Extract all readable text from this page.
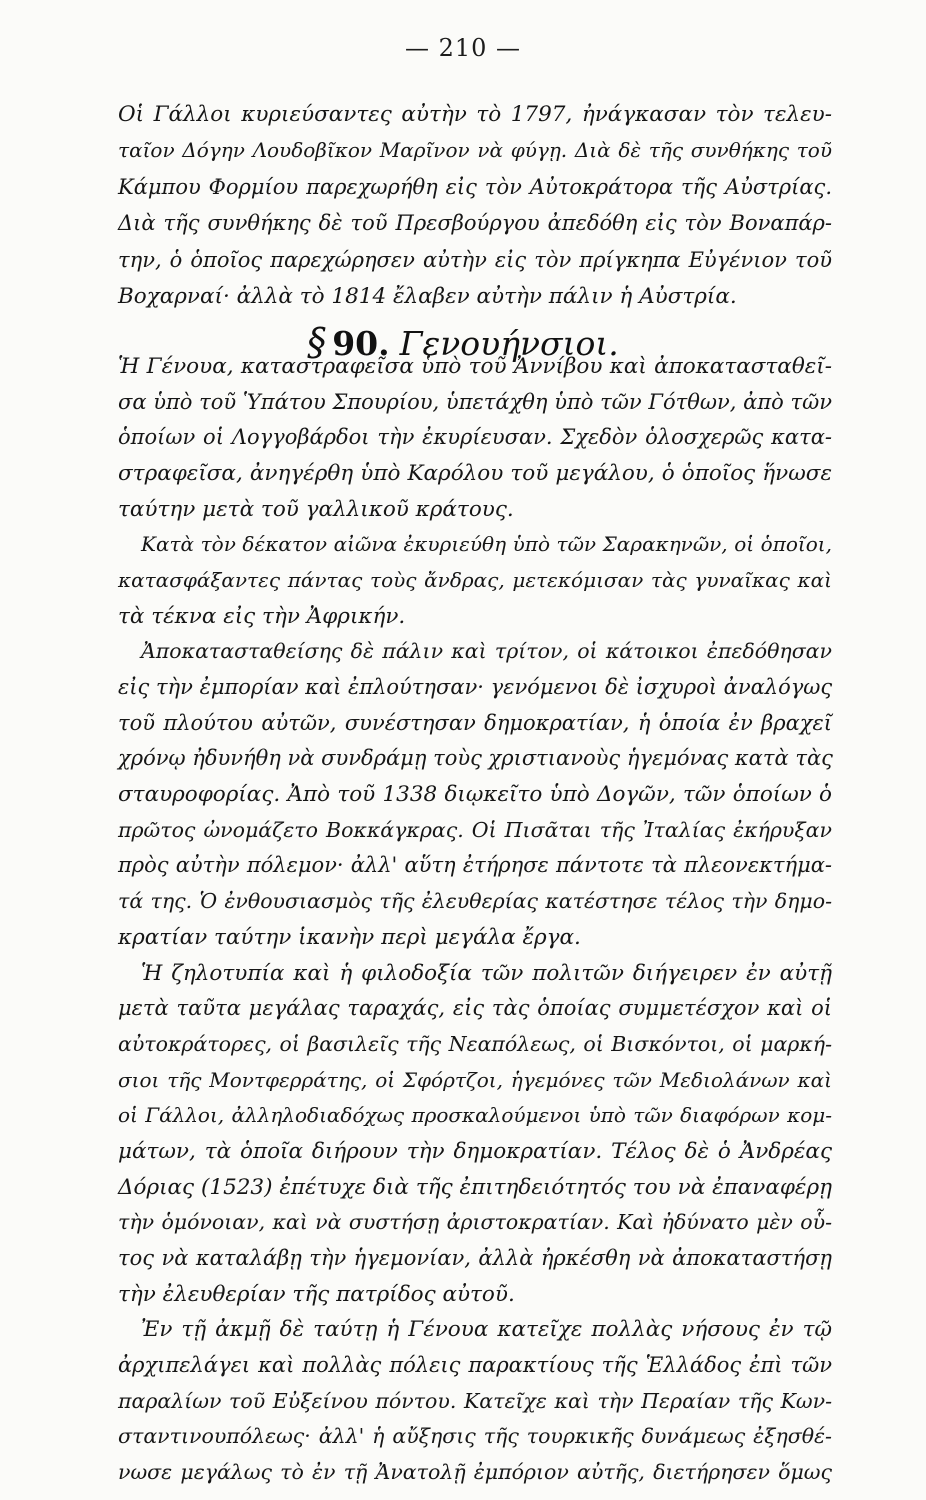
— 210 —
Οἱ Γάλλοι κυριεύσαντες αὐτὴν τὸ 1797, ἠνάγκασαν τὸν τελευ-
ταῖον Δόγην Λουδοβῖκον Μαρῖνον νὰ φύγῃ. Διὰ δὲ τῆς συνθήκης τοῦ
Κάμπου Φορμίου παρεχωρήθη εἰς τὸν Αὐτοκράτορα τῆς Αὐστρίας.
Διὰ τῆς συνθήκης δὲ τοῦ Πρεσβούργου ἀπεδόθη εἰς τὸν Βοναπάρ-
την, ὁ ὁποῖος παρεχώρησεν αὐτὴν εἰς τὸν πρίγκηπα Εὐγένιον τοῦ
Βοχαρναί· ἀλλὰ τὸ 1814 ἔλαβεν αὐτὴν πάλιν ἡ Αὐστρία.
§ 90. Γενουήνσιοι.
Ἡ Γένουα, καταστραφεῖσα ὑπὸ τοῦ Ἀννίβου καὶ ἀποκατασταθεῖ-
σα ὑπὸ τοῦ Ὑπάτου Σπουρίου, ὑπετάχθη ὑπὸ τῶν Γότθων, ἀπὸ τῶν
ὁποίων οἱ Λογγοβάρδοι τὴν ἐκυρίευσαν. Σχεδὸν ὁλοσχερῶς κατα-
στραφεῖσα, ἀνηγέρθη ὑπὸ Καρόλου τοῦ μεγάλου, ὁ ὁποῖος ἥνωσε
ταύτην μετὰ τοῦ γαλλικοῦ κράτους.
Κατὰ τὸν δέκατον αἰῶνα ἐκυριεύθη ὑπὸ τῶν Σαρακηνῶν, οἱ ὁποῖοι,
κατασφάξαντες πάντας τοὺς ἄνδρας, μετεκόμισαν τὰς γυναῖκας καὶ
τὰ τέκνα εἰς τὴν Ἀφρικήν.
Ἀποκατασταθείσης δὲ πάλιν καὶ τρίτον, οἱ κάτοικοι ἐπεδόθησαν
εἰς τὴν ἐμπορίαν καὶ ἐπλούτησαν· γενόμενοι δὲ ἰσχυροὶ ἀναλόγως
τοῦ πλούτου αὐτῶν, συνέστησαν δημοκρατίαν, ἡ ὁποία ἐν βραχεῖ
χρόνῳ ἠδυνήθη νὰ συνδράμῃ τοὺς χριστιανοὺς ἡγεμόνας κατὰ τὰς
σταυροφορίας. Ἀπὸ τοῦ 1338 διῳκεῖτο ὑπὸ Δογῶν, τῶν ὁποίων ὁ
πρῶτος ὠνομάζετο Βοκκάγκρας. Οἱ Πισᾶται τῆς Ἰταλίας ἐκήρυξαν
πρὸς αὐτὴν πόλεμον· ἀλλ' αὕτη ἐτήρησε πάντοτε τὰ πλεονεκτήμα-
τά της. Ὁ ἐνθουσιασμὸς τῆς ἐλευθερίας κατέστησε τέλος τὴν δημο-
κρατίαν ταύτην ἱκανὴν περὶ μεγάλα ἔργα.
Ἡ ζηλοτυπία καὶ ἡ φιλοδοξία τῶν πολιτῶν διήγειρεν ἐν αὐτῇ
μετὰ ταῦτα μεγάλας ταραχάς, εἰς τὰς ὁποίας συμμετέσχον καὶ οἱ
αὐτοκράτορες, οἱ βασιλεῖς τῆς Νεαπόλεως, οἱ Βισκόντοι, οἱ μαρκή-
σιοι τῆς Μοντφερράτης, οἱ Σφόρτζοι, ἡγεμόνες τῶν Μεδιολάνων καὶ
οἱ Γάλλοι, ἀλληλοδιαδόχως προσκαλούμενοι ὑπὸ τῶν διαφόρων κομ-
μάτων, τὰ ὁποῖα διήρουν τὴν δημοκρατίαν. Τέλος δὲ ὁ Ἀνδρέας
Δόριας (1523) ἐπέτυχε διὰ τῆς ἐπιτηδειότητός του νὰ ἐπαναφέρῃ
τὴν ὁμόνοιαν, καὶ νὰ συστήσῃ ἀριστοκρατίαν. Καὶ ἠδύνατο μὲν οὗ-
τος νὰ καταλάβῃ τὴν ἡγεμονίαν, ἀλλὰ ἠρκέσθη νὰ ἀποκαταστήσῃ
τὴν ἐλευθερίαν τῆς πατρίδος αὐτοῦ.
Ἐν τῇ ἀκμῇ δὲ ταύτῃ ἡ Γένουα κατεῖχε πολλὰς νήσους ἐν τῷ
ἀρχιπελάγει καὶ πολλὰς πόλεις παρακτίους τῆς Ἑλλάδος ἐπὶ τῶν
παραλίων τοῦ Εὐξείνου πόντου. Κατεῖχε καὶ τὴν Περαίαν τῆς Κων-
σταντινουπόλεως· ἀλλ' ἡ αὔξησις τῆς τουρκικῆς δυνάμεως ἐξησθέ-
νωσε μεγάλως τὸ ἐν τῇ Ἀνατολῇ ἐμπόριον αὐτῆς, διετήρησεν ὅμως
